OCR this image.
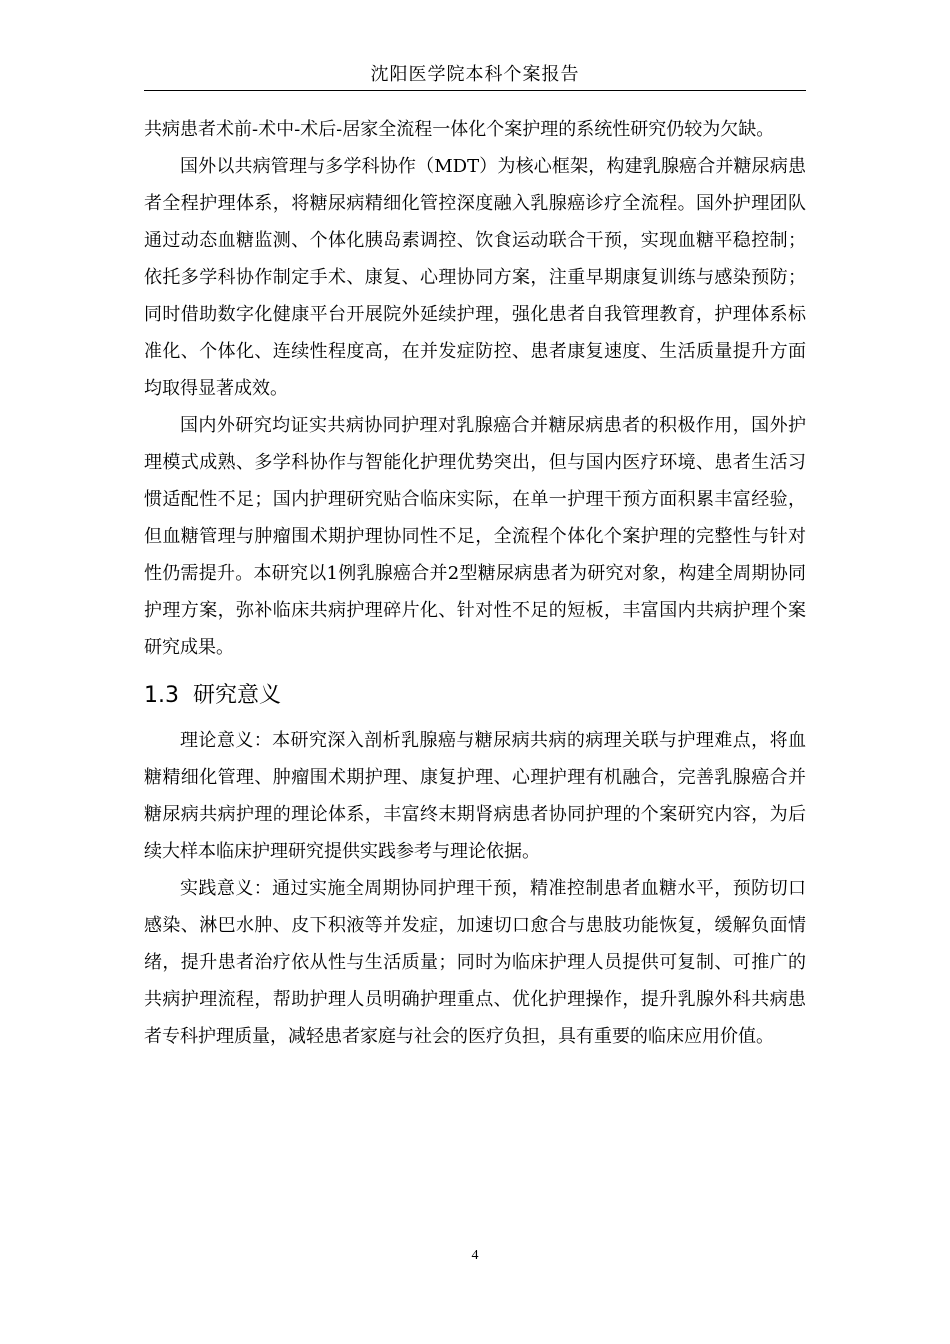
沈阳医学院本科个案报告

共病患者术前-术中-术后-居家全流程一体化个案护理的系统性研究仍较为欠缺。

国外以共病管理与多学科协作（MDT）为核心框架，构建乳腺癌合并糖尿病患者全程护理体系，将糖尿病精细化管控深度融入乳腺癌诊疗全流程。国外护理团队通过动态血糖监测、个体化胰岛素调控、饮食运动联合干预，实现血糖平稳控制；依托多学科协作制定手术、康复、心理协同方案，注重早期康复训练与感染预防；同时借助数字化健康平台开展院外延续护理，强化患者自我管理教育，护理体系标准化、个体化、连续性程度高，在并发症防控、患者康复速度、生活质量提升方面均取得显著成效。

国内外研究均证实共病协同护理对乳腺癌合并糖尿病患者的积极作用，国外护理模式成熟、多学科协作与智能化护理优势突出，但与国内医疗环境、患者生活习惯适配性不足；国内护理研究贴合临床实际，在单一护理干预方面积累丰富经验，但血糖管理与肿瘤围术期护理协同性不足，全流程个体化个案护理的完整性与针对性仍需提升。本研究以1例乳腺癌合并2型糖尿病患者为研究对象，构建全周期协同护理方案，弥补临床共病护理碎片化、针对性不足的短板，丰富国内共病护理个案研究成果。

1.3 研究意义

理论意义：本研究深入剖析乳腺癌与糖尿病共病的病理关联与护理难点，将血糖精细化管理、肿瘤围术期护理、康复护理、心理护理有机融合，完善乳腺癌合并糖尿病共病护理的理论体系，丰富终末期肾病患者协同护理的个案研究内容，为后续大样本临床护理研究提供实践参考与理论依据。

实践意义：通过实施全周期协同护理干预，精准控制患者血糖水平，预防切口感染、淋巴水肿、皮下积液等并发症，加速切口愈合与患肢功能恢复，缓解负面情绪，提升患者治疗依从性与生活质量；同时为临床护理人员提供可复制、可推广的共病护理流程，帮助护理人员明确护理重点、优化护理操作，提升乳腺外科共病患者专科护理质量，减轻患者家庭与社会的医疗负担，具有重要的临床应用价值。

4
